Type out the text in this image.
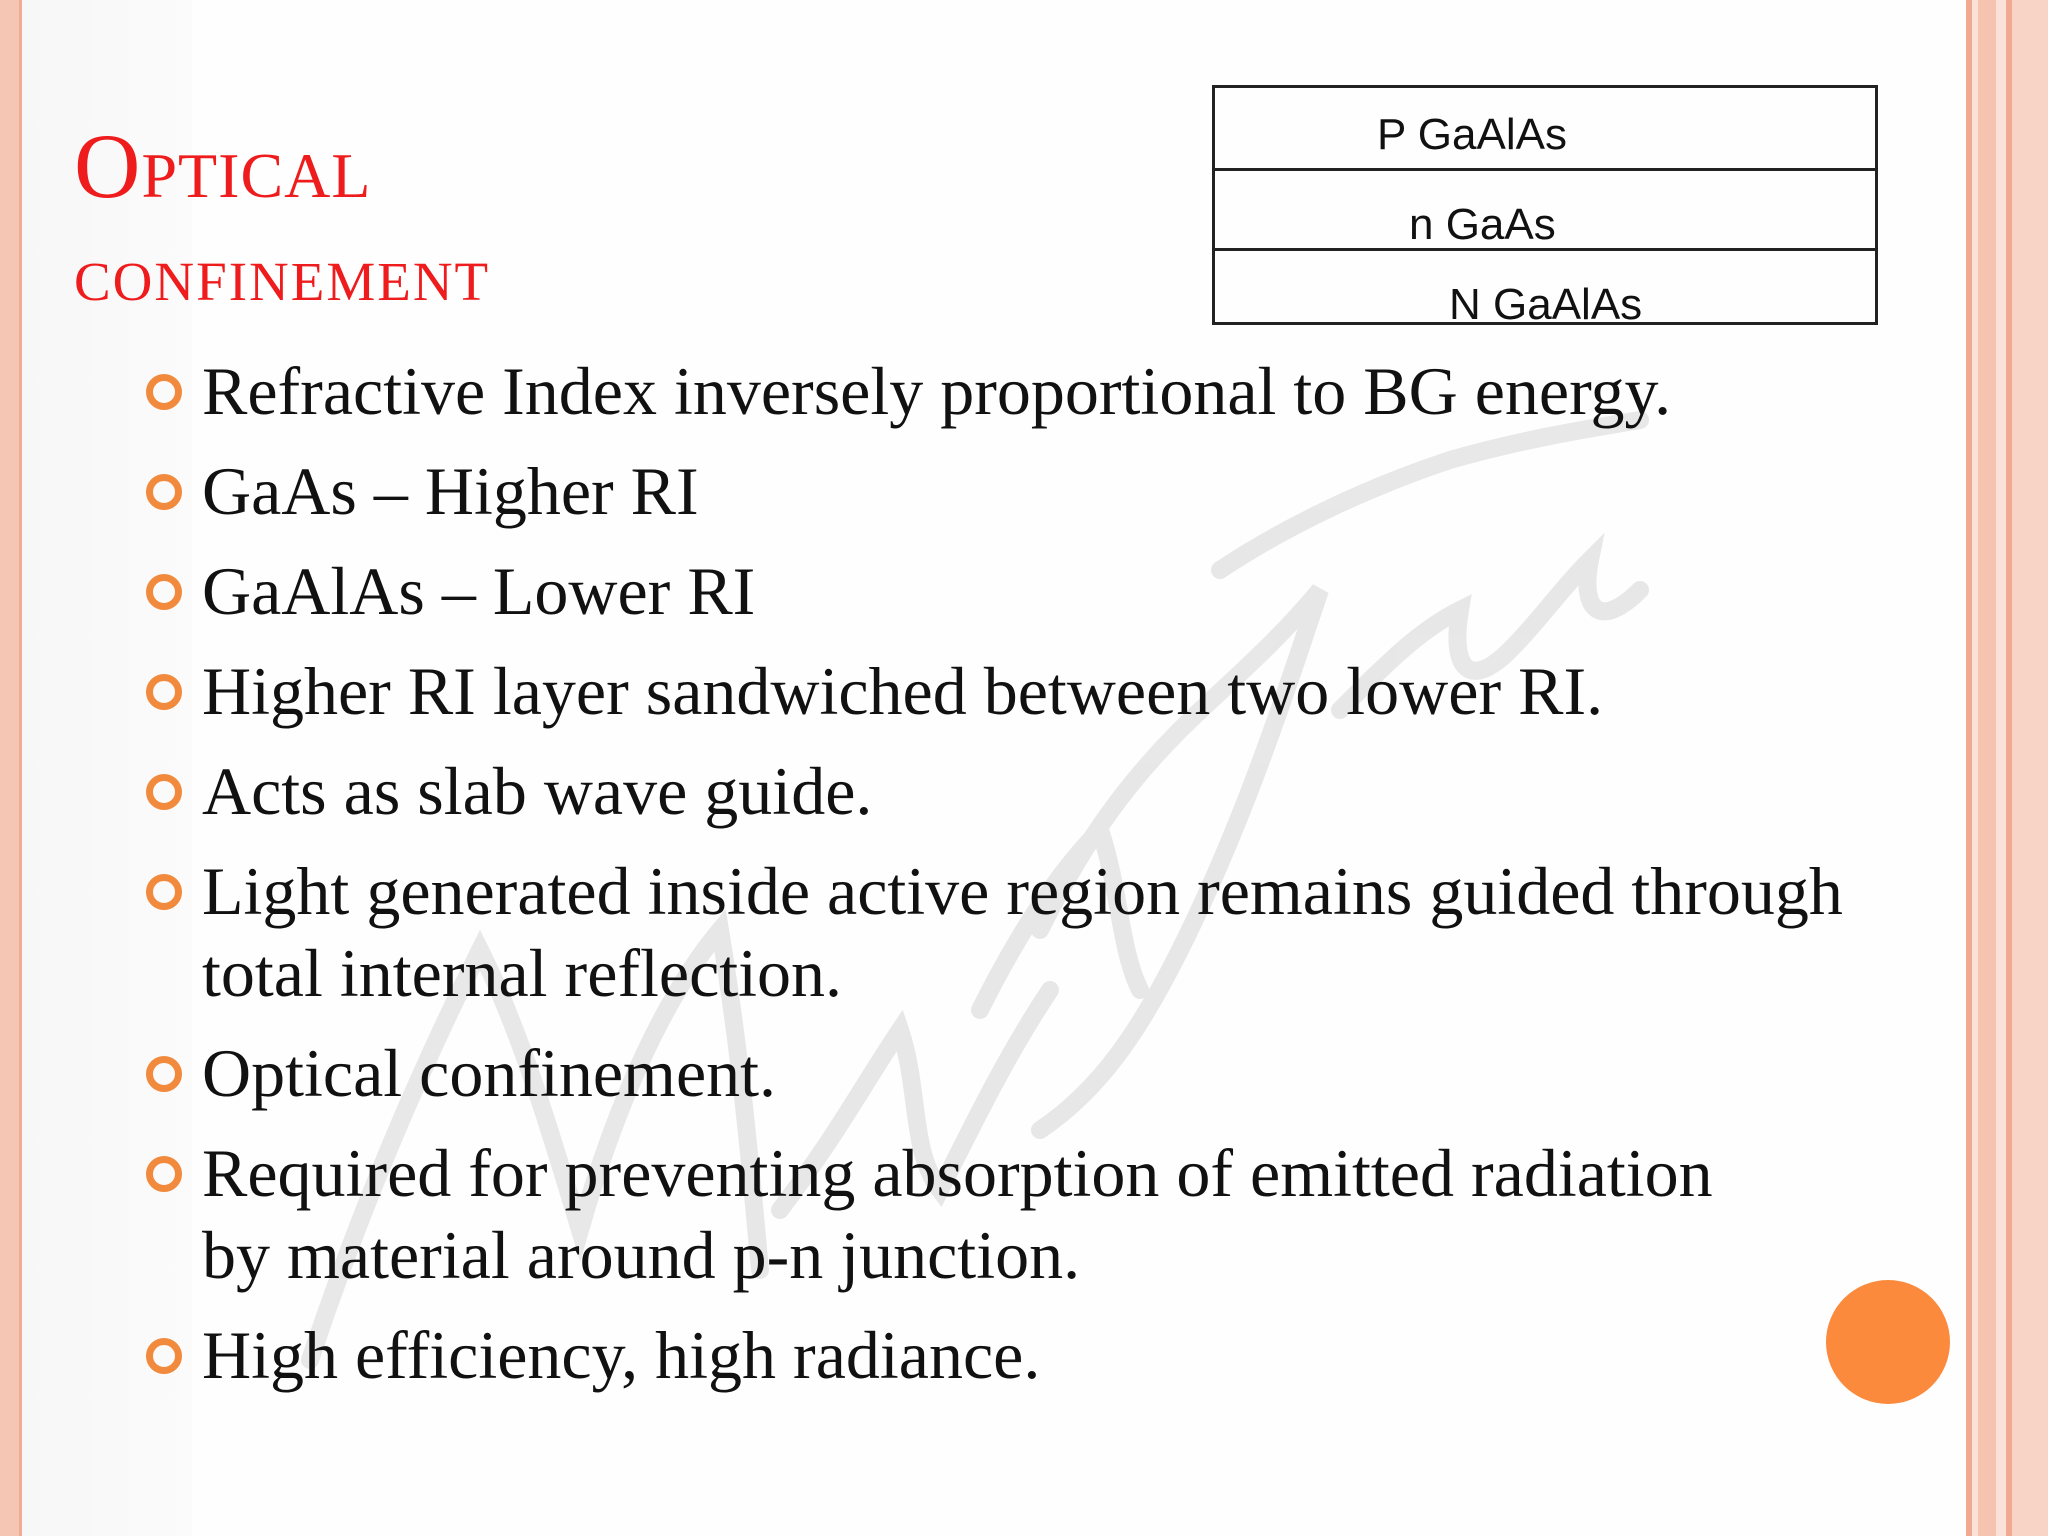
Optical
confinement
P GaAlAs
n GaAs
N GaAlAs
Refractive Index inversely proportional to BG energy.
GaAs – Higher RI
GaAlAs – Lower RI
Higher RI layer sandwiched between two lower RI.
Acts as slab wave guide.
Light generated inside active region remains guided through total internal reflection.
Optical confinement.
Required for preventing absorption of emitted radiation by material around p-n junction.
High efficiency, high radiance.
